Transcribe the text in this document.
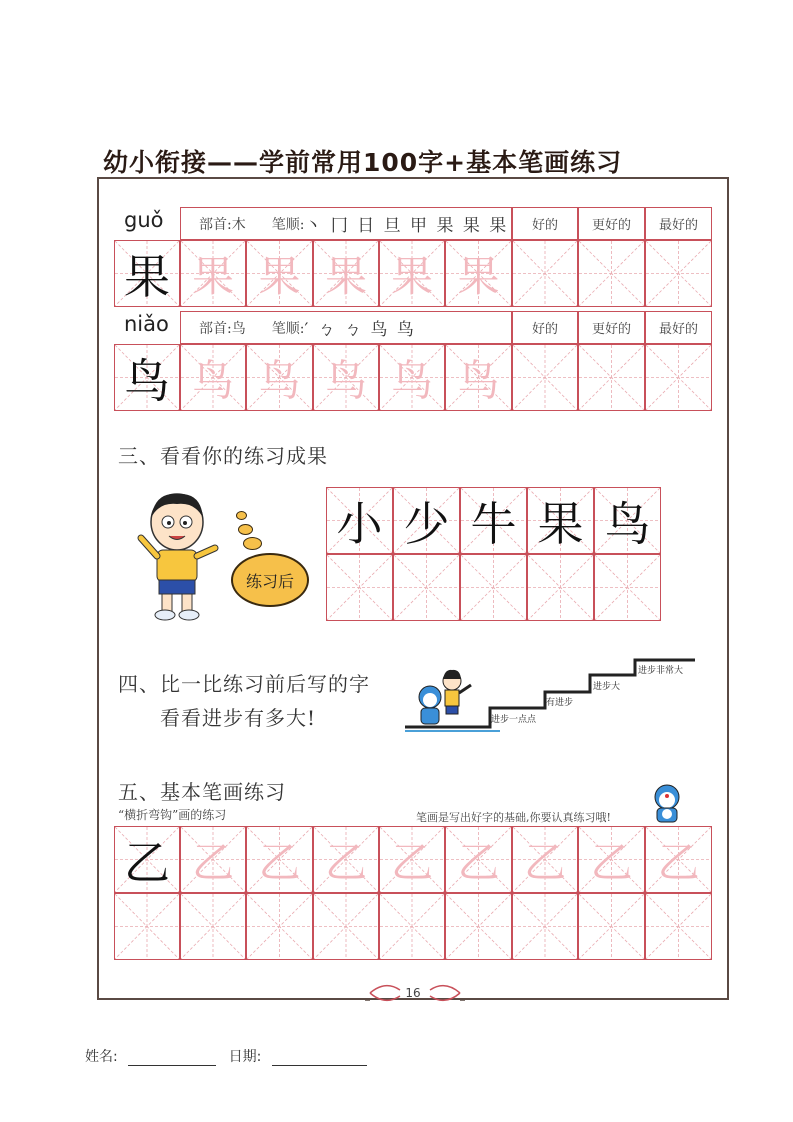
幼小衔接——学前常用100字+基本笔画练习
guǒ	部首: 木 笔顺: 丶 冂 日 旦 甲 果 果 果 好的	更好的 最好的
果 果 果 果 果 果
niǎo 部首: 鸟 笔顺: ′ ㄅ ㄅ 鸟 鸟	好的	更好的 最好的
鸟 鸟 鸟 鸟 鸟 鸟
三、看看你的练习成果
练习后
小 少 牛 果 鸟
四、比一比练习前后写的字
看看进步有多大!	进步一点点
有进步
进步大
进步非常大
五、基本笔画练习
“横折弯钩”画的练习	笔画是写出好字的基础,你要认真练习哦!
乙 乙 乙 乙 乙 乙 乙 乙 乙
16
姓名:	日期:
